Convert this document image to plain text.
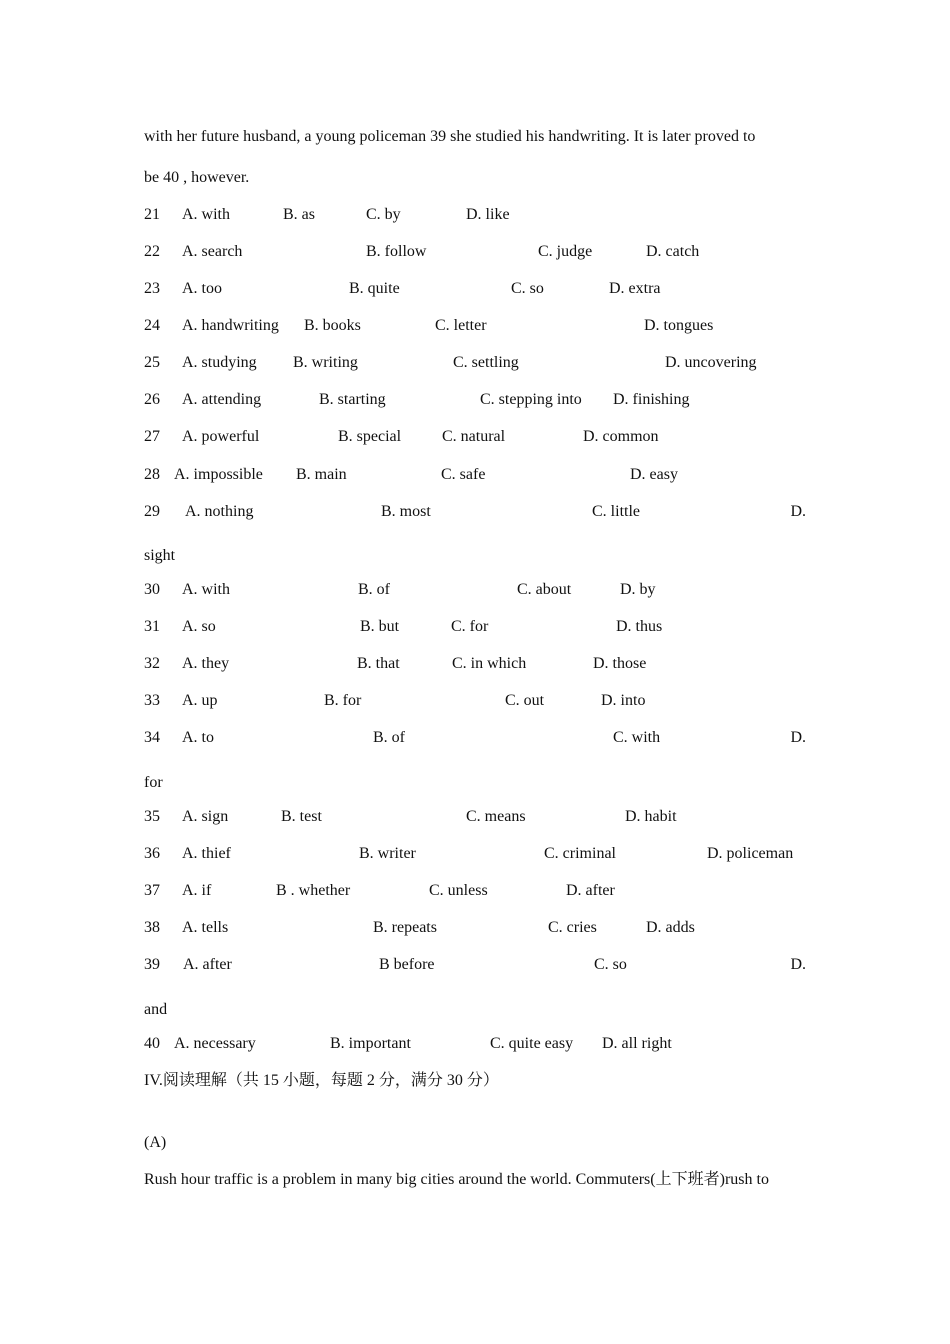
with her future husband, a young policeman 39 she studied his handwriting. It is later proved to
be 40 , however.
21 A. with	B. as	C. by	D. like
22 A. search	B. follow	C. judge	D. catch
23 A. too	B. quite	C. so	D. extra
24 A. handwriting B. books	C. letter	D. tongues
25 A. studying B. writing	C. settling	D. uncovering
26 A. attending	B. starting	C. stepping into D. finishing
27 A. powerful	B. special	C. natural	D. common
28 A. impossible B. main	C. safe	D. easy
29 A. nothing	B. most	C. little	D.
sight
30 A. with	B. of	C. about	D. by
31 A. so	B. but	C. for	D. thus
32 A. they	B. that	C. in which	D. those
33 A. up	B. for	C. out	D. into
34 A. to	B. of	C. with	D.
for
35 A. sign	B. test	C. means	D. habit
36 A. thief	B. writer	C. criminal	D. policeman
37 A. if	B . whether	C. unless	D. after
38 A. tells	B. repeats	C. cries	D. adds
39 A. after	B before	C. so	D.
and
40 A. necessary	B. important	C. quite easy D. all right
IV.阅读理解（共 15 小题，每题 2 分，满分 30 分）
(A)
Rush hour traffic is a problem in many big cities around the world. Commuters(上下班者)rush to
